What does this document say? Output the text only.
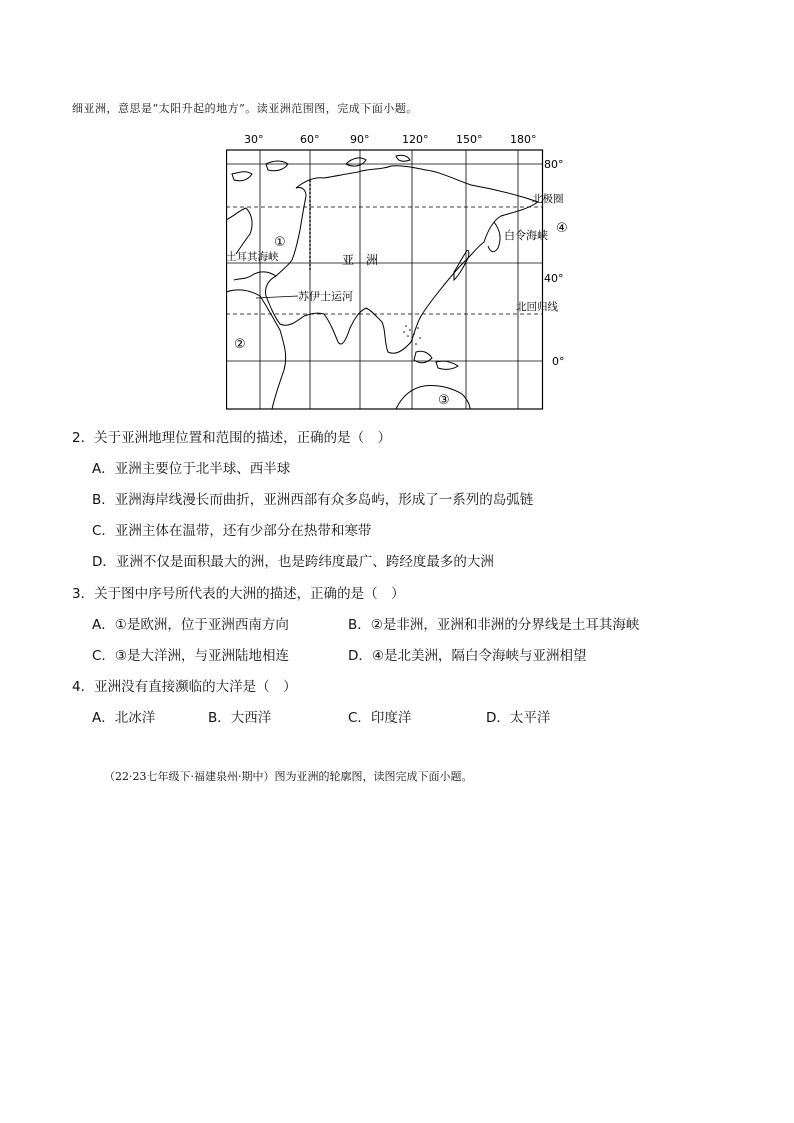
细亚洲，意思是“太阳升起的地方”。读亚洲范围图，完成下面小题。
30°	60°	90°	120°	150°	180°
80°
40°
0°
北极圈
北回归线
白令海峡
土耳其海峡
苏伊士运河
亚　洲
①
②
③
④
2．关于亚洲地理位置和范围的描述，正确的是（　）
A．亚洲主要位于北半球、西半球
B．亚洲海岸线漫长而曲折，亚洲西部有众多岛屿，形成了一系列的岛弧链
C．亚洲主体在温带，还有少部分在热带和寒带
D．亚洲不仅是面积最大的洲，也是跨纬度最广、跨经度最多的大洲
3．关于图中序号所代表的大洲的描述，正确的是（　）
A．①是欧洲，位于亚洲西南方向	B．②是非洲，亚洲和非洲的分界线是土耳其海峡
C．③是大洋洲，与亚洲陆地相连	D．④是北美洲，隔白令海峡与亚洲相望
4．亚洲没有直接濒临的大洋是（　）
A．北冰洋	B．大西洋	C．印度洋	D．太平洋
（22·23七年级下·福建泉州·期中）图为亚洲的轮廓图，读图完成下面小题。
